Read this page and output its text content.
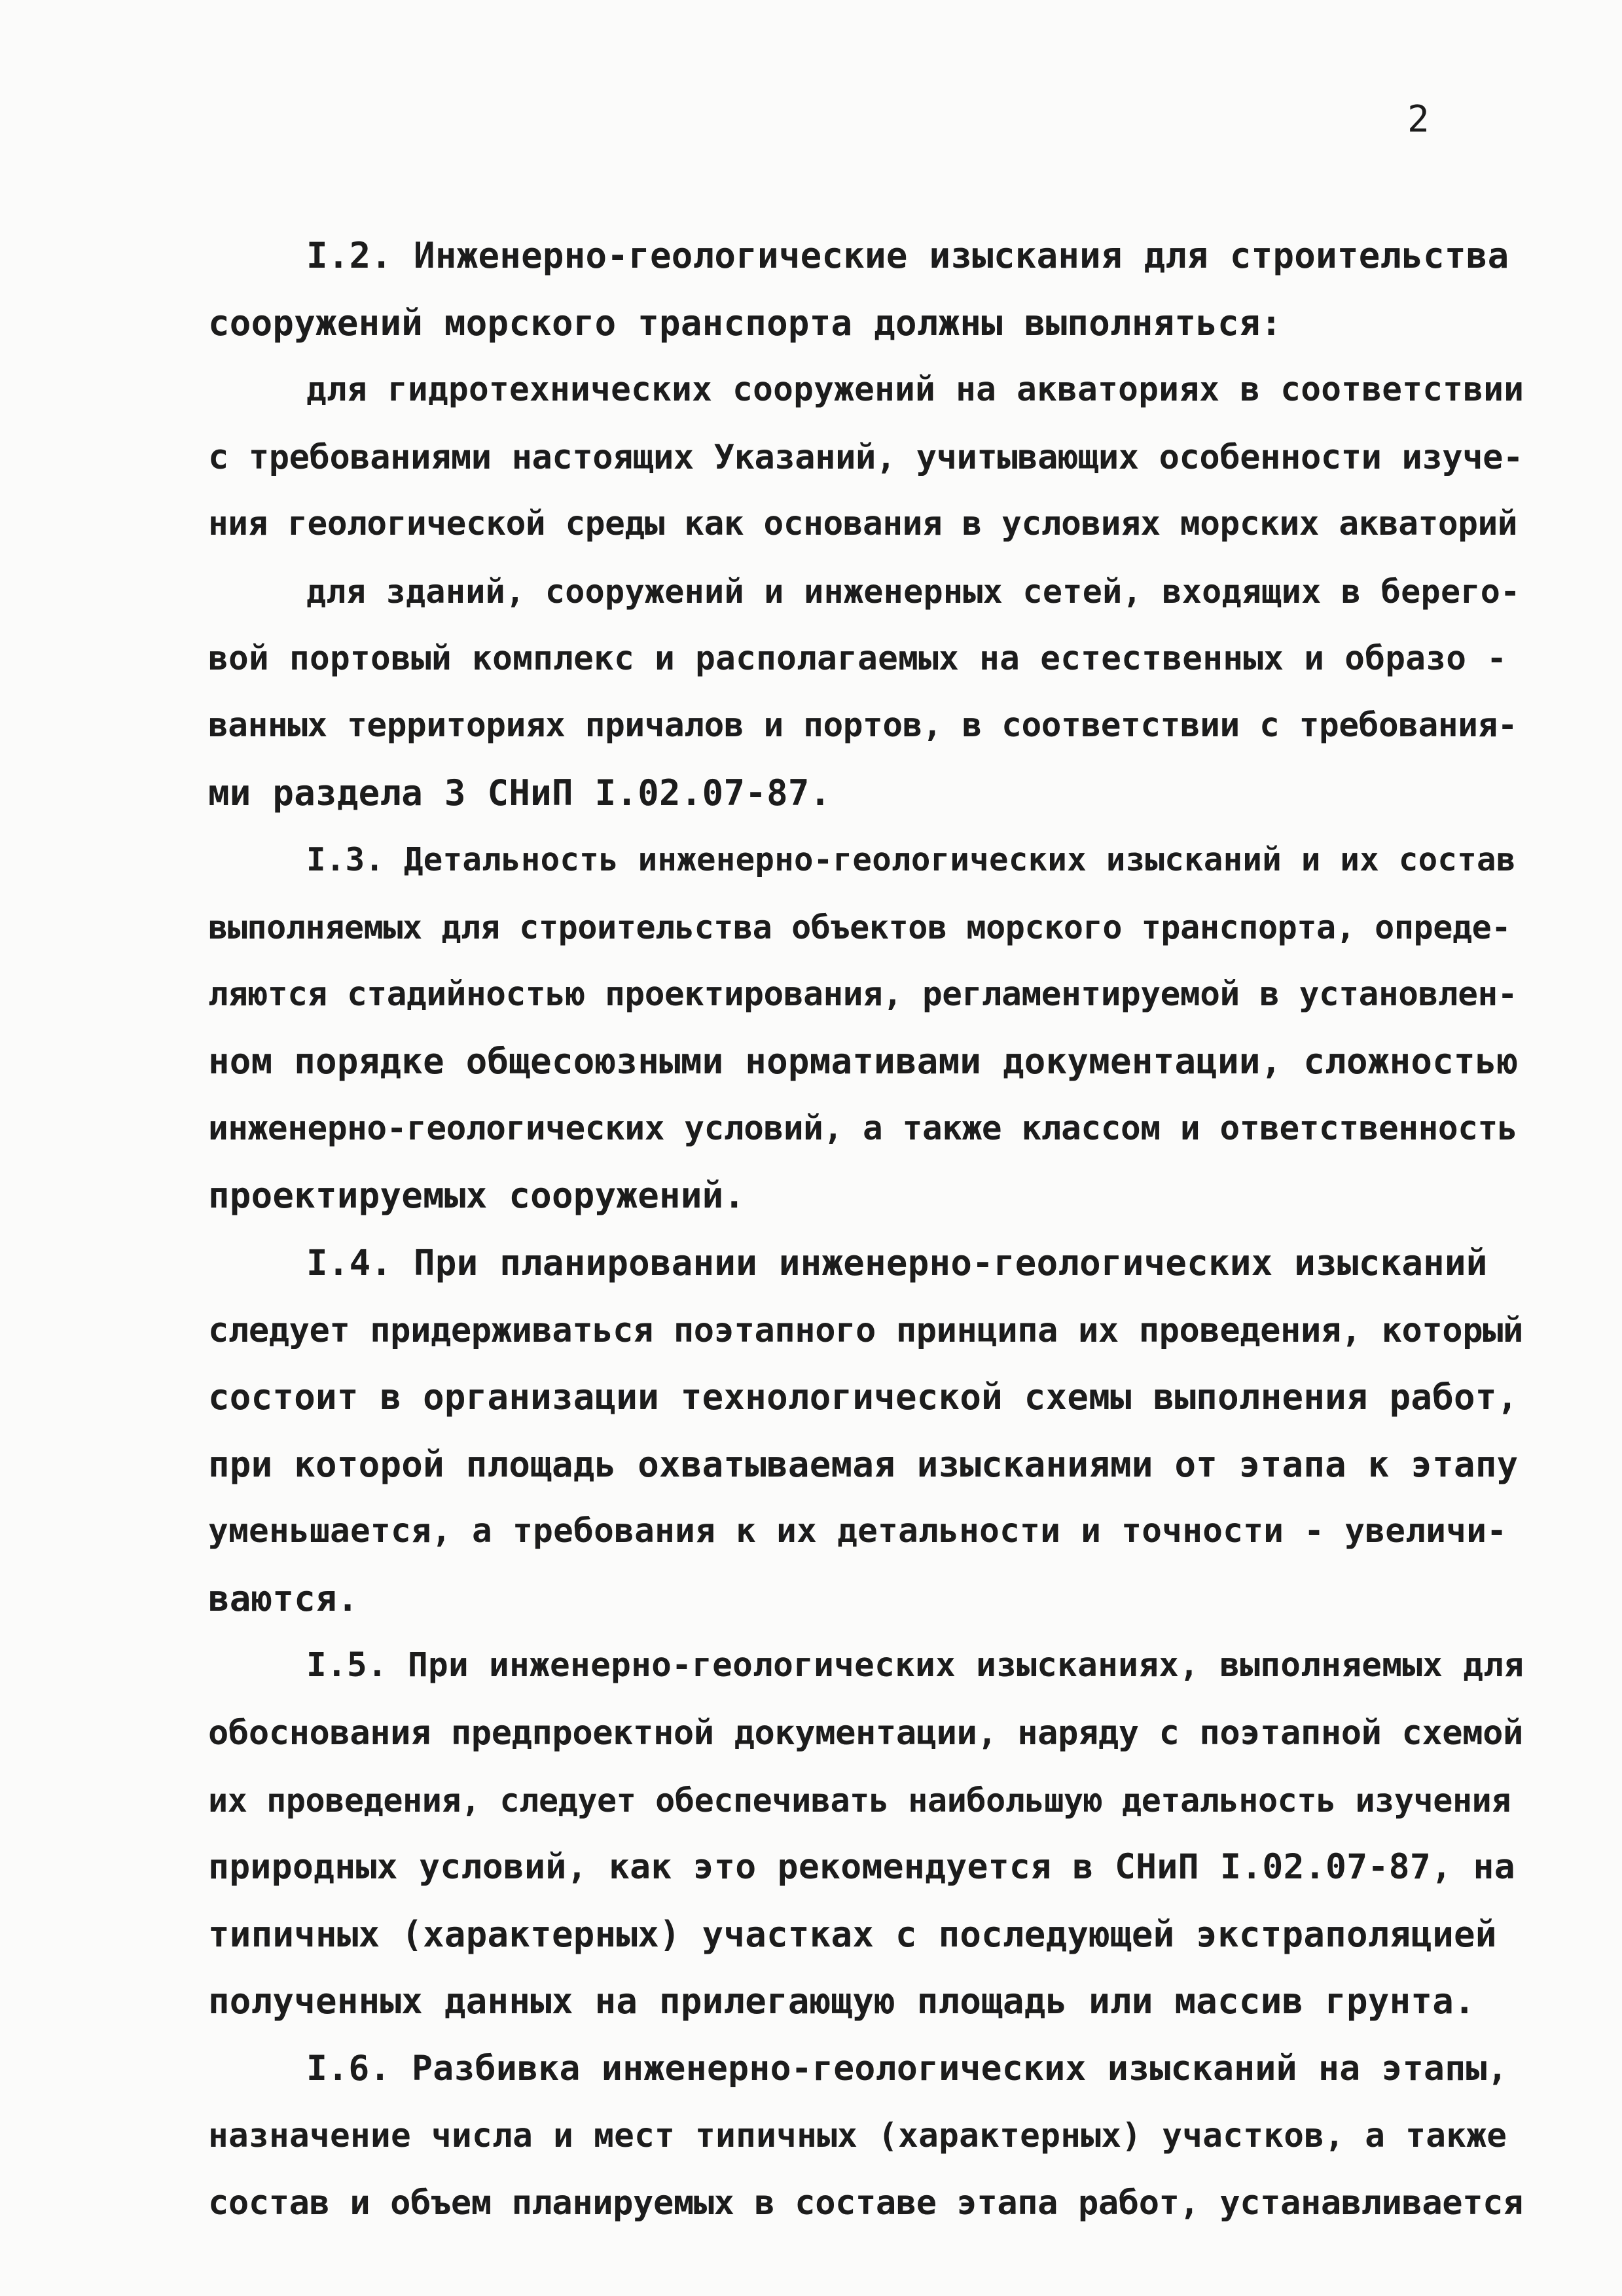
2
I.2. Инженерно-геологические изыскания для строительства
сооружений морского транспорта должны выполняться:
для гидротехнических сооружений на акваториях в соответствии
с требованиями настоящих Указаний, учитывающих особенности изуче-
ния геологической среды как основания в условиях морских акваторий
для зданий, сооружений и инженерных сетей, входящих в берего-
вой портовый комплекс и располагаемых на естественных и образо -
ванных территориях причалов и портов, в соответствии с требования-
ми раздела 3 СНиП I.02.07-87.
I.3. Детальность инженерно-геологических изысканий и их состав
выполняемых для строительства объектов морского транспорта, опреде-
ляются стадийностью проектирования, регламентируемой в установлен-
ном порядке общесоюзными нормативами документации, сложностью
инженерно-геологических условий, а также классом и ответственность
проектируемых сооружений.
I.4. При планировании инженерно-геологических изысканий
следует придерживаться поэтапного принципа их проведения, который
состоит в организации технологической схемы выполнения работ,
при которой площадь охватываемая изысканиями от этапа к этапу
уменьшается, а требования к их детальности и точности - увеличи-
ваются.
I.5. При инженерно-геологических изысканиях, выполняемых для
обоснования предпроектной документации, наряду с поэтапной схемой
их проведения, следует обеспечивать наибольшую детальность изучения
природных условий, как это рекомендуется в СНиП I.02.07-87, на
типичных (характерных) участках с последующей экстраполяцией
полученных данных на прилегающую площадь или массив грунта.
I.6. Разбивка инженерно-геологических изысканий на этапы,
назначение числа и мест типичных (характерных) участков, а также
состав и объем планируемых в составе этапа работ, устанавливается
